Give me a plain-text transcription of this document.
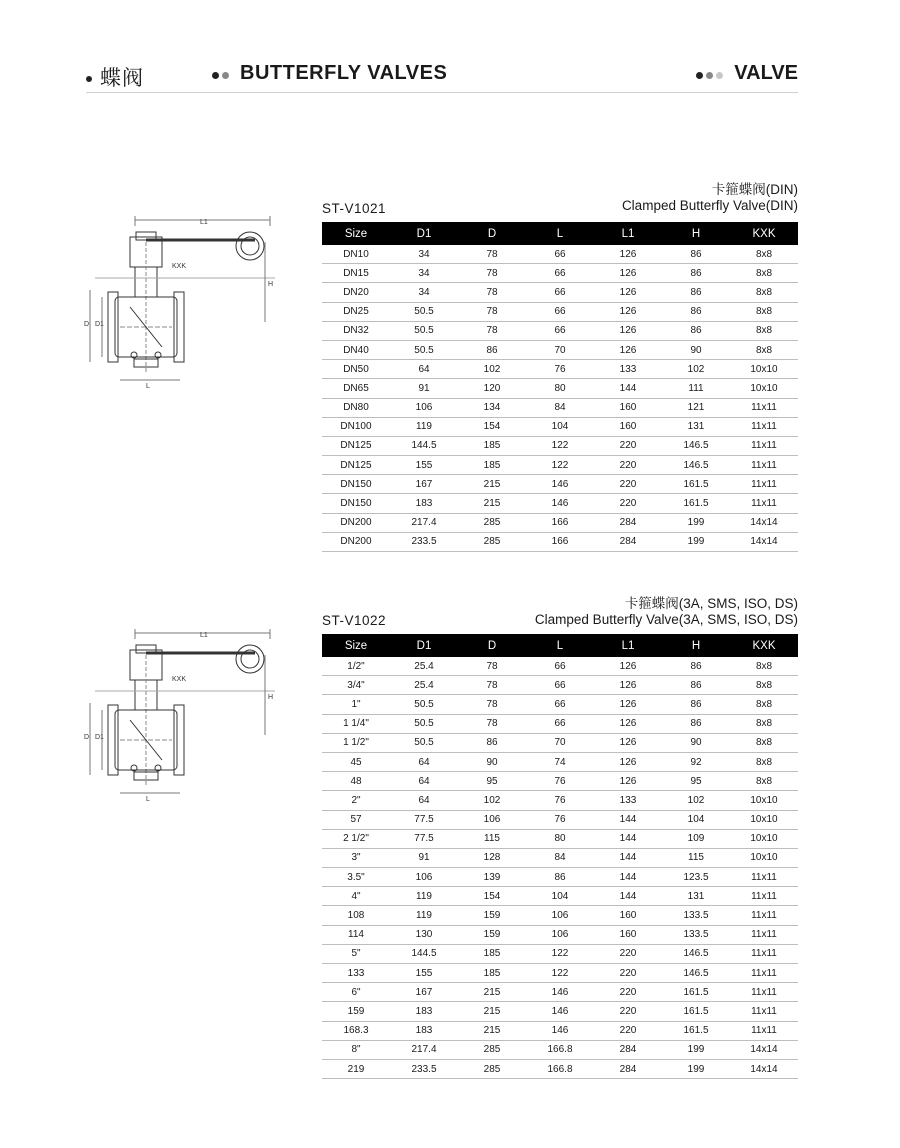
蝶阀	BUTTERFLY VALVES	VALVE
L1
KXK
H
D D1
L
ST-V1021
卡箍蝶阀(DIN)
Clamped Butterfly Valve(DIN)
Size	D1	D	L	L1	H	KXK
DN10	34	78	66	126	86	8x8
DN15	34	78	66	126	86	8x8
DN20	34	78	66	126	86	8x8
DN25	50.5	78	66	126	86	8x8
DN32	50.5	78	66	126	86	8x8
DN40	50.5	86	70	126	90	8x8
DN50	64	102	76	133	102	10x10
DN65	91	120	80	144	111	10x10
DN80	106	134	84	160	121	11x11
DN100	119	154	104	160	131	11x11
DN125	144.5	185	122	220	146.5	11x11
DN125	155	185	122	220	146.5	11x11
DN150	167	215	146	220	161.5	11x11
DN150	183	215	146	220	161.5	11x11
DN200	217.4	285	166	284	199	14x14
DN200	233.5	285	166	284	199	14x14
L1
KXK
H
D D1
L
ST-V1022
卡箍蝶阀(3A, SMS, ISO, DS)
Clamped Butterfly Valve(3A, SMS, ISO, DS)
Size	D1	D	L	L1	H	KXK
1/2"	25.4	78	66	126	86	8x8
3/4"	25.4	78	66	126	86	8x8
1"	50.5	78	66	126	86	8x8
1 1/4"	50.5	78	66	126	86	8x8
1 1/2"	50.5	86	70	126	90	8x8
45	64	90	74	126	92	8x8
48	64	95	76	126	95	8x8
2"	64	102	76	133	102	10x10
57	77.5	106	76	144	104	10x10
2 1/2"	77.5	115	80	144	109	10x10
3"	91	128	84	144	115	10x10
3.5"	106	139	86	144	123.5	11x11
4"	119	154	104	144	131	11x11
108	119	159	106	160	133.5	11x11
114	130	159	106	160	133.5	11x11
5"	144.5	185	122	220	146.5	11x11
133	155	185	122	220	146.5	11x11
6"	167	215	146	220	161.5	11x11
159	183	215	146	220	161.5	11x11
168.3	183	215	146	220	161.5	11x11
8"	217.4	285	166.8	284	199	14x14
219	233.5	285	166.8	284	199	14x14
